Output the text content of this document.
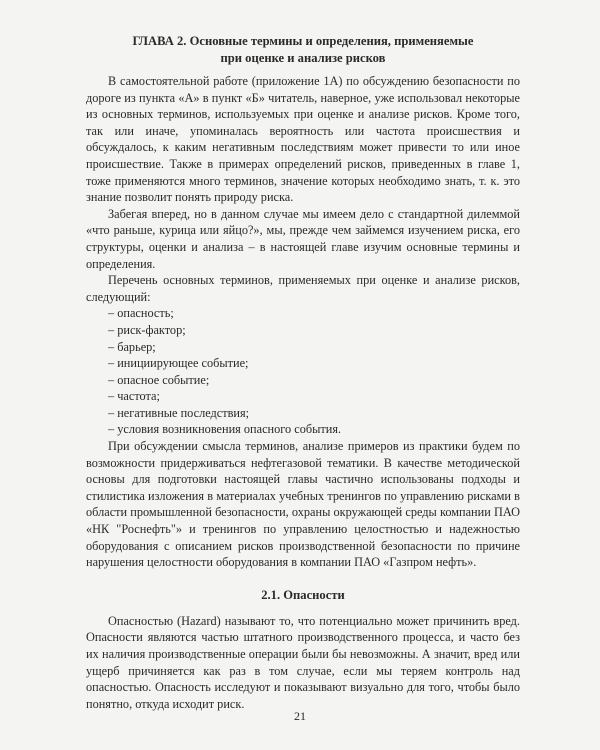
ГЛАВА 2. Основные термины и определения, применяемые
при оценке и анализе рисков

В самостоятельной работе (приложение 1А) по обсуждению безопасности по дороге из пункта «А» в пункт «Б» читатель, наверное, уже использовал некоторые из основных терминов, используемых при оценке и анализе рисков. Кроме того, так или иначе, упоминалась вероятность или частота происшествия и обсуждалось, к каким негативным последствиям может привести то или иное происшествие. Также в примерах определений рисков, приведенных в главе 1, тоже применяются много терминов, значение которых необходимо знать, т. к. это знание позволит понять природу риска.

Забегая вперед, но в данном случае мы имеем дело с стандартной дилеммой «что раньше, курица или яйцо?», мы, прежде чем займемся изучением риска, его структуры, оценки и анализа – в настоящей главе изучим основные термины и определения.

Перечень основных терминов, применяемых при оценке и анализе рисков, следующий:

– опасность;
– риск-фактор;
– барьер;
– инициирующее событие;
– опасное событие;
– частота;
– негативные последствия;
– условия возникновения опасного события.

При обсуждении смысла терминов, анализе примеров из практики будем по возможности придерживаться нефтегазовой тематики. В качестве методической основы для подготовки настоящей главы частично использованы подходы и стилистика изложения в материалах учебных тренингов по управлению рисками в области промышленной безопасности, охраны окружающей среды компании ПАО «НК "Роснефть"» и тренингов по управлению целостностью и надежностью оборудования с описанием рисков производственной безопасности по причине нарушения целостности оборудования в компании ПАО «Газпром нефть».

2.1. Опасности

Опасностью (Hazard) называют то, что потенциально может причинить вред. Опасности являются частью штатного производственного процесса, и часто без их наличия производственные операции были бы невозможны. А значит, вред или ущерб причиняется как раз в том случае, если мы теряем контроль над опасностью. Опасность исследуют и показывают визуально для того, чтобы было понятно, откуда исходит риск.

21
